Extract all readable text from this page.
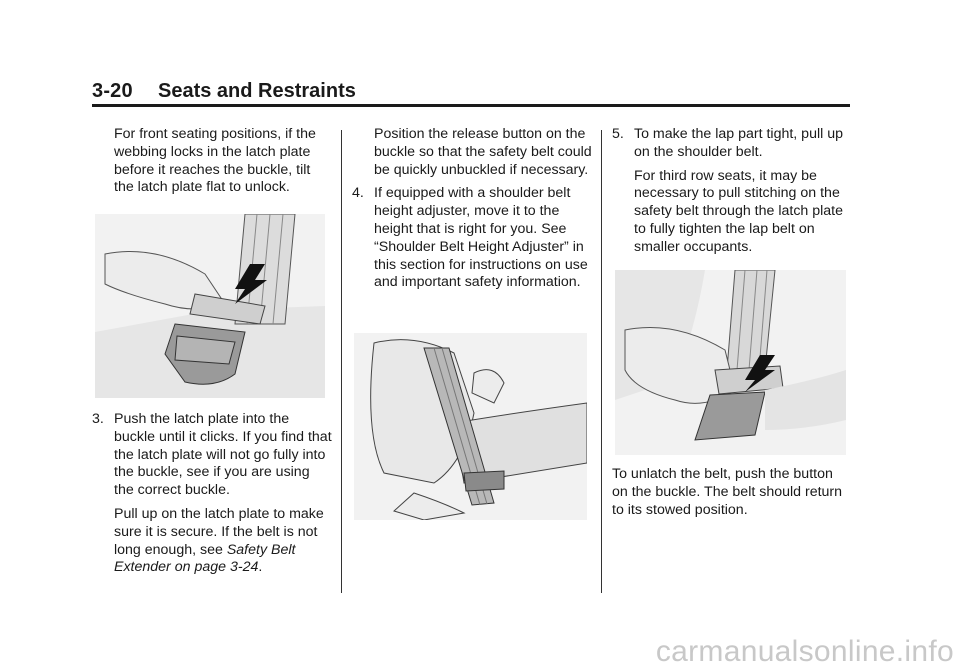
3-20 Seats and Restraints

For front seating positions, if the webbing locks in the latch plate before it reaches the buckle, tilt the latch plate flat to unlock.

3. Push the latch plate into the buckle until it clicks. If you find that the latch plate will not go fully into the buckle, see if you are using the correct buckle.

Pull up on the latch plate to make sure it is secure. If the belt is not long enough, see Safety Belt Extender on page 3-24.

Position the release button on the buckle so that the safety belt could be quickly unbuckled if necessary.

4. If equipped with a shoulder belt height adjuster, move it to the height that is right for you. See “Shoulder Belt Height Adjuster” in this section for instructions on use and important safety information.

5. To make the lap part tight, pull up on the shoulder belt.

For third row seats, it may be necessary to pull stitching on the safety belt through the latch plate to fully tighten the lap belt on smaller occupants.

To unlatch the belt, push the button on the buckle. The belt should return to its stowed position.

carmanualsonline.info
